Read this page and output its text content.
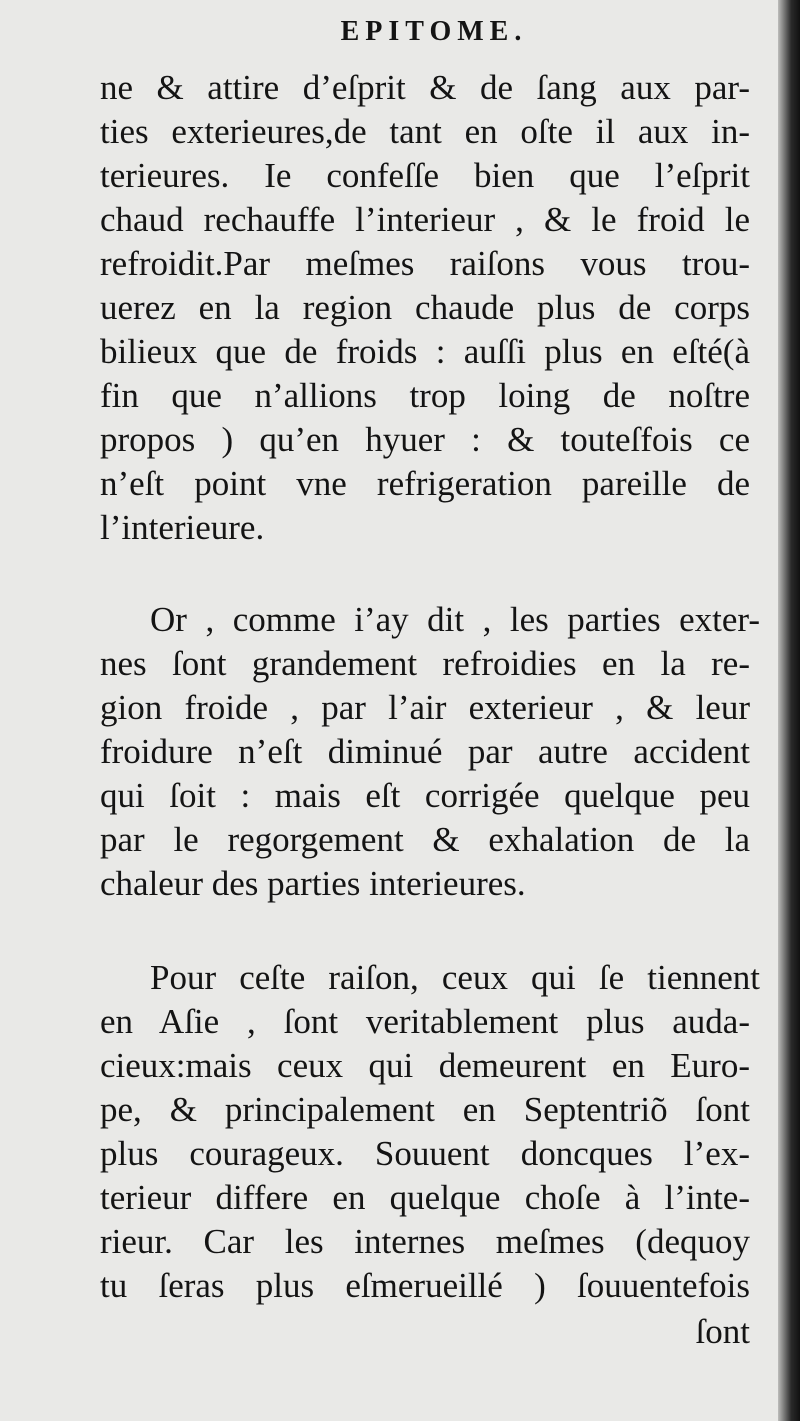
EPITOME.
ne & attire d’eſprit & de ſang aux par-
ties exterieures,de tant en oſte il aux in-
terieures. Ie confeſſe bien que l’eſprit
chaud rechauffe l’interieur , & le froid le
refroidit.Par meſmes raiſons vous trou-
uerez en la region chaude plus de corps
bilieux que de froids : auſſi plus en eſté(à
fin que n’allions trop loing de noſtre
propos ) qu’en hyuer : & touteſfois ce
n’eſt point vne refrigeration pareille de
l’interieure.
Or , comme i’ay dit , les parties exter-
nes ſont grandement refroidies en la re-
gion froide , par l’air exterieur , & leur
froidure n’eſt diminué par autre accident
qui ſoit : mais eſt corrigée quelque peu
par le regorgement & exhalation de la
chaleur des parties interieures.
Pour ceſte raiſon, ceux qui ſe tiennent
en Aſie , ſont veritablement plus auda-
cieux:mais ceux qui demeurent en Euro-
pe, & principalement en Septentriõ ſont
plus courageux. Souuent doncques l’ex-
terieur differe en quelque choſe à l’inte-
rieur. Car les internes meſmes (dequoy
tu ſeras plus eſmerueillé ) ſouuentefois
ſont
